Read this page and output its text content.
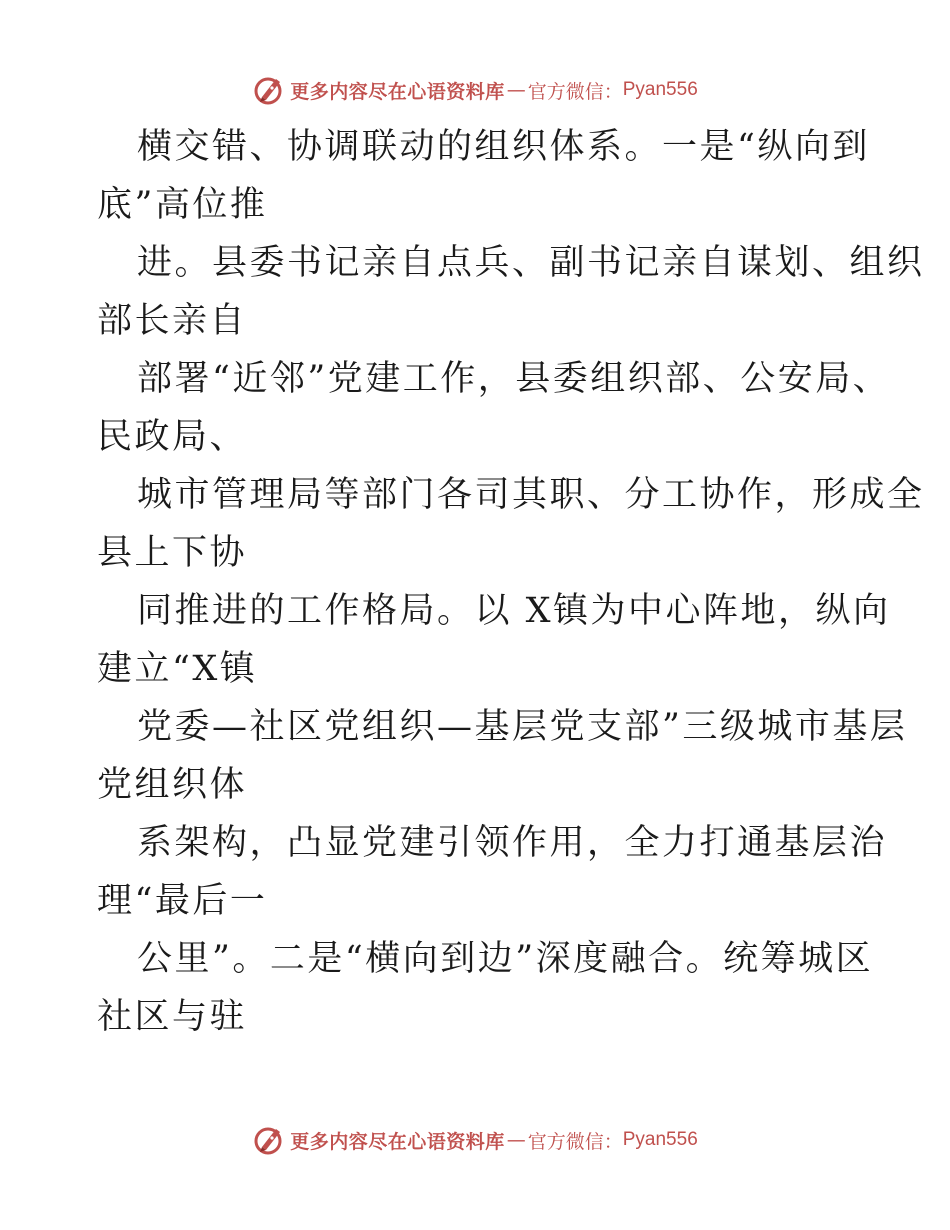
更多内容尽在心语资料库 — 官方微信： Pyan556

横交错、协调联动的组织体系。一是“纵向到
底”高位推

进。县委书记亲自点兵、副书记亲自谋划、组织
部长亲自

部署“近邻”党建工作，县委组织部、公安局、
民政局、

城市管理局等部门各司其职、分工协作，形成全
县上下协

同推进的工作格局。以 X镇为中心阵地，纵向
建立“X镇

党委—社区党组织—基层党支部”三级城市基层
党组织体

系架构，凸显党建引领作用，全力打通基层治
理“最后一

公里”。二是“横向到边”深度融合。统筹城区
社区与驻

更多内容尽在心语资料库 — 官方微信： Pyan556
